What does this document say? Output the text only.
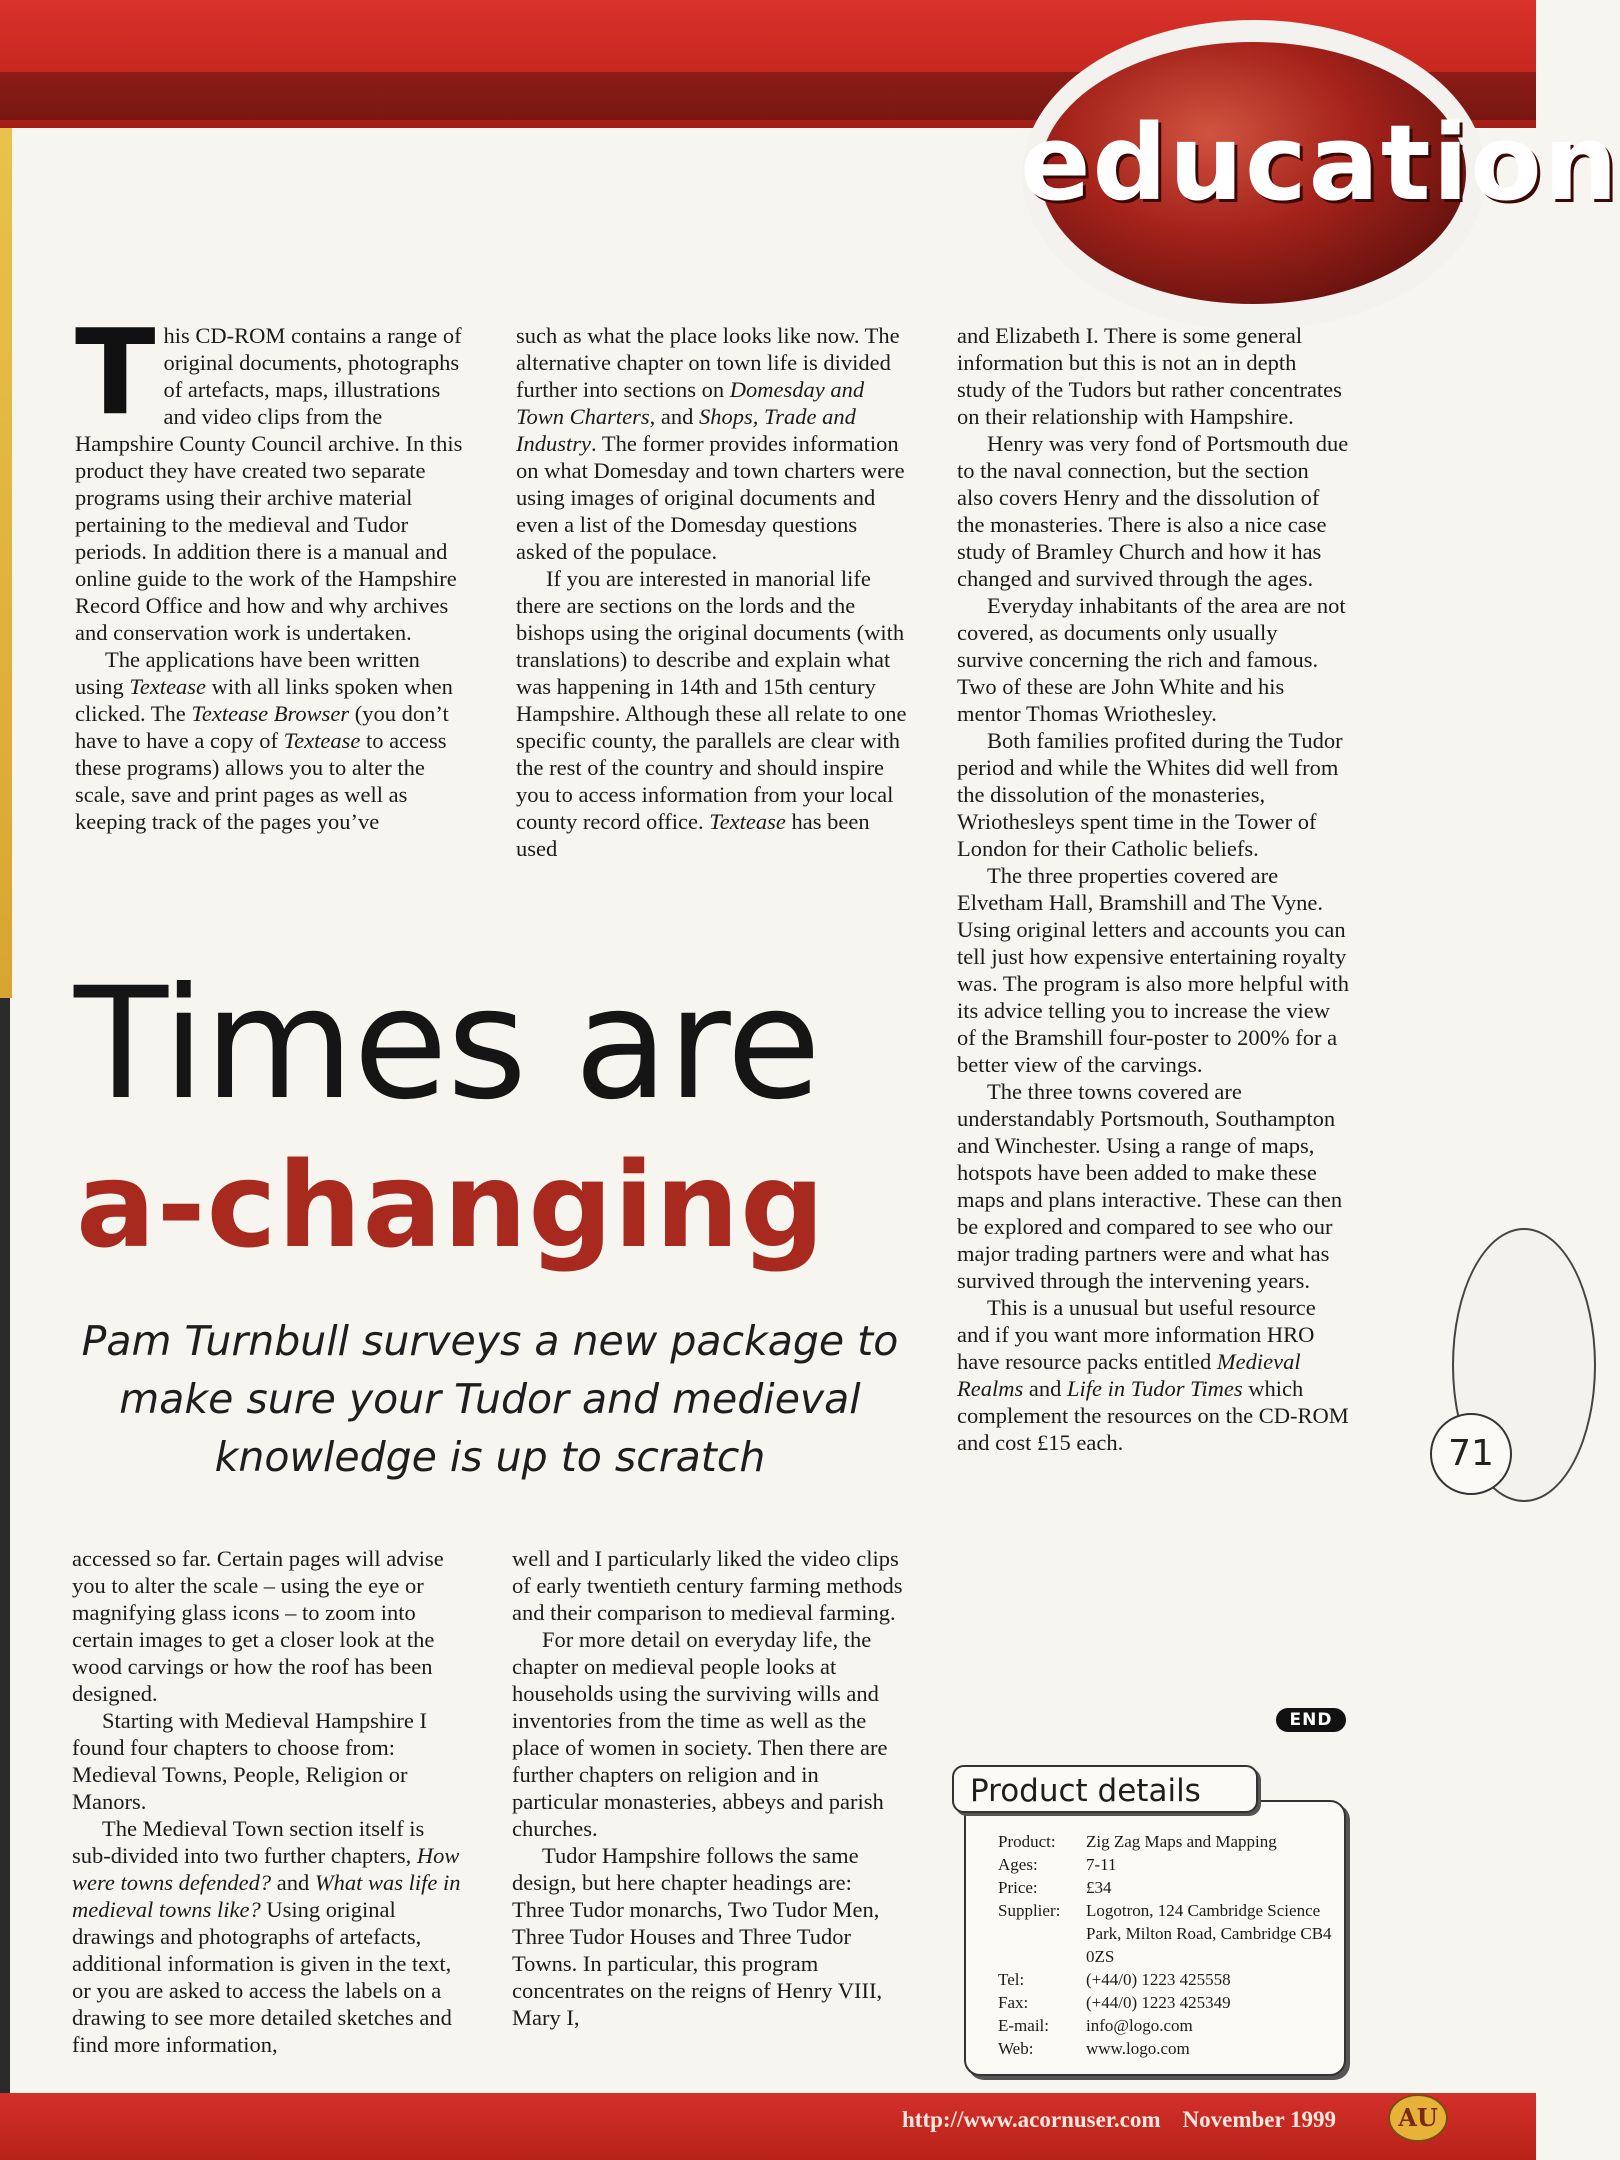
education
T his CD-ROM contains a range of original documents, photographs of artefacts, maps, illustrations and video clips from the Hampshire County Council archive. In this product they have created two separate programs using their archive material pertaining to the medieval and Tudor periods. In addition there is a manual and online guide to the work of the Hampshire Record Office and how and why archives and conservation work is undertaken.

The applications have been written using Textease with all links spoken when clicked. The Textease Browser (you don’t have to have a copy of Textease to access these programs) allows you to alter the scale, save and print pages as well as keeping track of the pages you’ve

such as what the place looks like now. The alternative chapter on town life is divided further into sections on Domesday and Town Charters, and Shops, Trade and Industry. The former provides information on what Domesday and town charters were using images of original documents and even a list of the Domesday questions asked of the populace.

If you are interested in manorial life there are sections on the lords and the bishops using the original documents (with translations) to describe and explain what was happening in 14th and 15th century Hampshire. Although these all relate to one specific county, the parallels are clear with the rest of the country and should inspire you to access information from your local county record office. Textease has been used

and Elizabeth I. There is some general information but this is not an in depth study of the Tudors but rather concentrates on their relationship with Hampshire.

Henry was very fond of Portsmouth due to the naval connection, but the section also covers Henry and the dissolution of the monasteries. There is also a nice case study of Bramley Church and how it has changed and survived through the ages.

Everyday inhabitants of the area are not covered, as documents only usually survive concerning the rich and famous. Two of these are John White and his mentor Thomas Wriothesley.

Both families profited during the Tudor period and while the Whites did well from the dissolution of the monasteries, Wriothesleys spent time in the Tower of London for their Catholic beliefs.

The three properties covered are Elvetham Hall, Bramshill and The Vyne. Using original letters and accounts you can tell just how expensive entertaining royalty was. The program is also more helpful with its advice telling you to increase the view of the Bramshill four-poster to 200% for a better view of the carvings.

The three towns covered are understandably Portsmouth, Southampton and Winchester. Using a range of maps, hotspots have been added to make these maps and plans interactive. These can then be explored and compared to see who our major trading partners were and what has survived through the intervening years.

This is a unusual but useful resource and if you want more information HRO have resource packs entitled Medieval Realms and Life in Tudor Times which complement the resources on the CD-ROM and cost £15 each.

END
Times are
a-changing
Pam Turnbull surveys a new package to make sure your Tudor and medieval knowledge is up to scratch

accessed so far. Certain pages will advise you to alter the scale – using the eye or magnifying glass icons – to zoom into certain images to get a closer look at the wood carvings or how the roof has been designed.

Starting with Medieval Hampshire I found four chapters to choose from: Medieval Towns, People, Religion or Manors.

The Medieval Town section itself is sub-divided into two further chapters, How were towns defended? and What was life in medieval towns like? Using original drawings and photographs of artefacts, additional information is given in the text, or you are asked to access the labels on a drawing to see more detailed sketches and find more information,

well and I particularly liked the video clips of early twentieth century farming methods and their comparison to medieval farming.

For more detail on everyday life, the chapter on medieval people looks at households using the surviving wills and inventories from the time as well as the place of women in society. Then there are further chapters on religion and in particular monasteries, abbeys and parish churches.

Tudor Hampshire follows the same design, but here chapter headings are: Three Tudor monarchs, Two Tudor Men, Three Tudor Houses and Three Tudor Towns. In particular, this program concentrates on the reigns of Henry VIII, Mary I,

Product details
Product:	Zig Zag Maps and Mapping
Ages:	7-11
Price:	£34
Supplier:	Logotron, 124 Cambridge Science Park, Milton Road, Cambridge CB4 0ZS
Tel:	(+44/0) 1223 425558
Fax:	(+44/0) 1223 425349
E-mail:	info@logo.com
Web:	www.logo.com
71
http://www.acornuser.com November 1999	AU
